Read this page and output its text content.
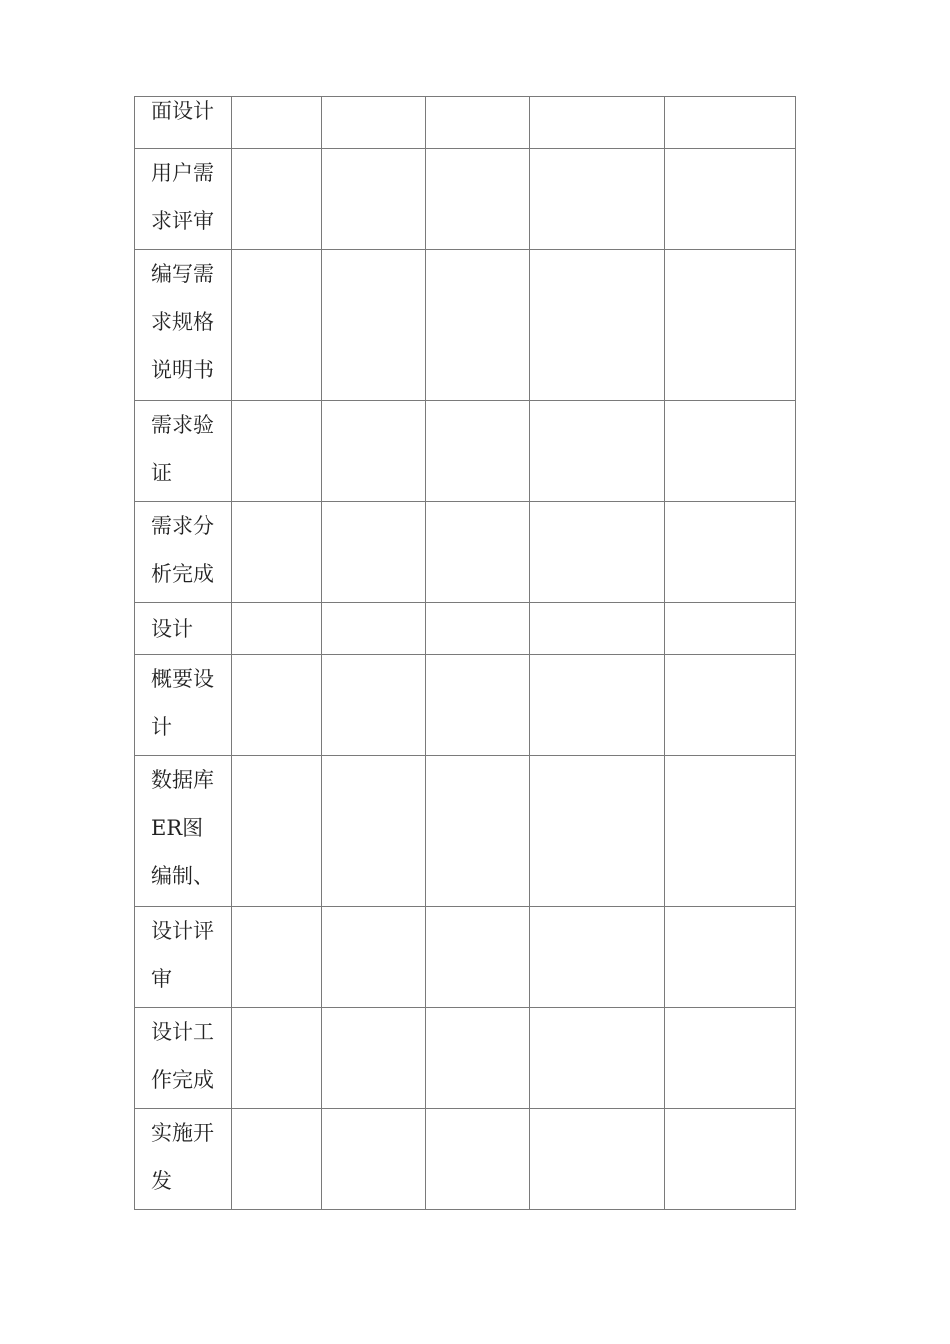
面设计					

用户需求评审					

编写需求规格说明书					

需求验证					

需求分析完成					

设计					

概要设计					

数据库ER图编制、					

设计评审					

设计工作完成					

实施开发					
